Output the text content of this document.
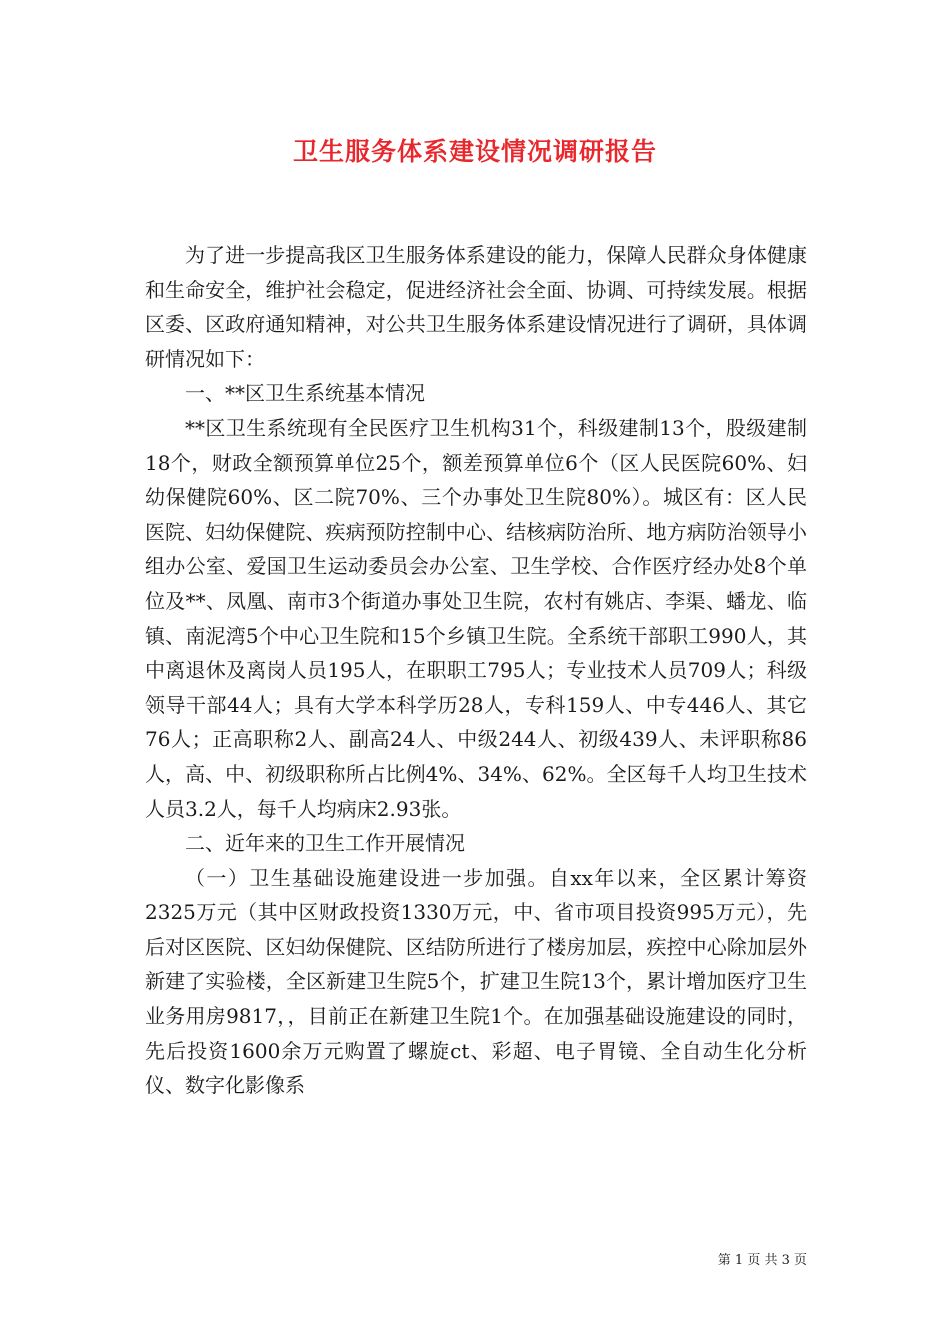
卫生服务体系建设情况调研报告

为了进一步提高我区卫生服务体系建设的能力，保障人民群众身体健康和生命安全，维护社会稳定，促进经济社会全面、协调、可持续发展。根据区委、区政府通知精神，对公共卫生服务体系建设情况进行了调研，具体调研情况如下：

一、**区卫生系统基本情况

**区卫生系统现有全民医疗卫生机构31个，科级建制13个，股级建制18个，财政全额预算单位25个，额差预算单位6个（区人民医院60%、妇幼保健院60%、区二院70%、三个办事处卫生院80%）。城区有：区人民医院、妇幼保健院、疾病预防控制中心、结核病防治所、地方病防治领导小组办公室、爱国卫生运动委员会办公室、卫生学校、合作医疗经办处8个单位及**、凤凰、南市3个街道办事处卫生院，农村有姚店、李渠、蟠龙、临镇、南泥湾5个中心卫生院和15个乡镇卫生院。全系统干部职工990人，其中离退休及离岗人员195人，在职职工795人；专业技术人员709人；科级领导干部44人；具有大学本科学历28人，专科159人、中专446人、其它76人；正高职称2人、副高24人、中级244人、初级439人、未评职称86人，高、中、初级职称所占比例4%、34%、62%。全区每千人均卫生技术人员3.2人，每千人均病床2.93张。

二、近年来的卫生工作开展情况

（一）卫生基础设施建设进一步加强。自xx年以来，全区累计筹资2325万元（其中区财政投资1330万元，中、省市项目投资995万元），先后对区医院、区妇幼保健院、区结防所进行了楼房加层，疾控中心除加层外新建了实验楼，全区新建卫生院5个，扩建卫生院13个，累计增加医疗卫生业务用房9817，，目前正在新建卫生院1个。在加强基础设施建设的同时，先后投资1600余万元购置了螺旋ct、彩超、电子胃镜、全自动生化分析仪、数字化影像系

第 1 页 共 3 页
